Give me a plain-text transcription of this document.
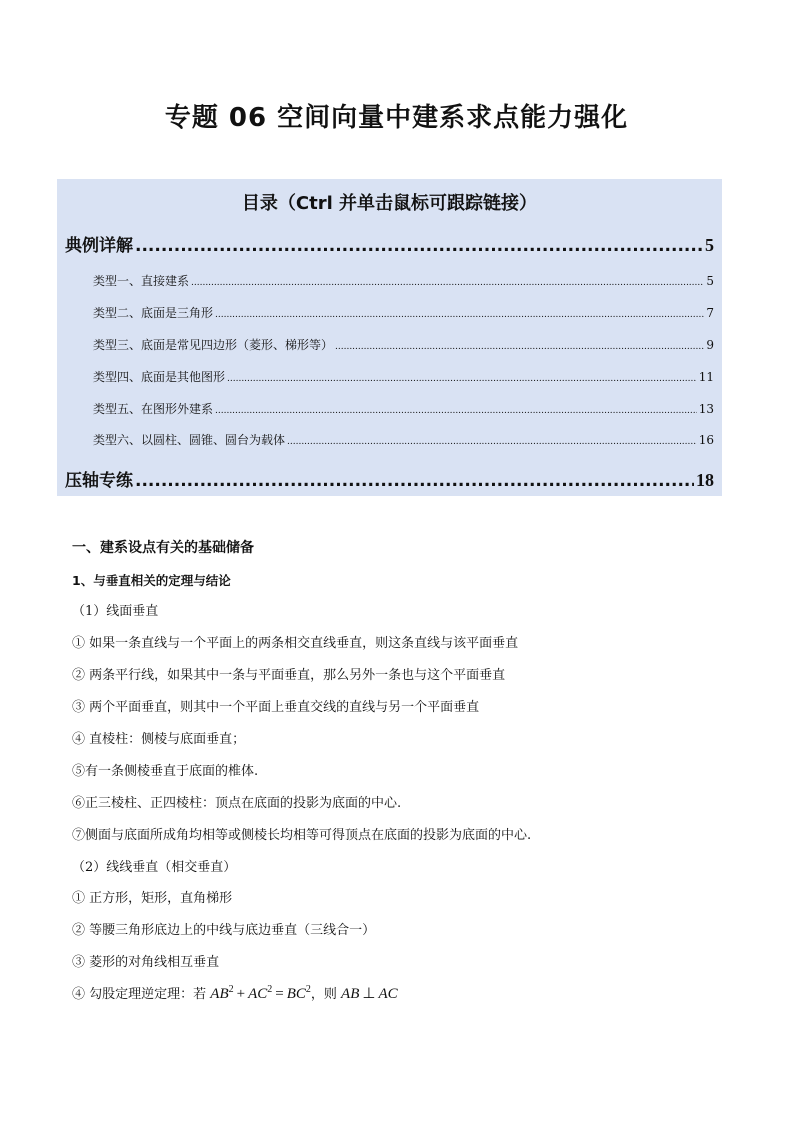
专题 06 空间向量中建系求点能力强化
目录（Ctrl 并单击鼠标可跟踪链接）
典例详解 .....	5
类型一、直接建系 .....	5
类型二、底面是三角形 .....	7
类型三、底面是常见四边形（菱形、梯形等） .....	9
类型四、底面是其他图形 .....	11
类型五、在图形外建系 .....	13
类型六、以圆柱、圆锥、圆台为载体 .....	16
压轴专练 .....	18
一、建系设点有关的基础储备
1、与垂直相关的定理与结论
（1）线面垂直
① 如果一条直线与一个平面上的两条相交直线垂直，则这条直线与该平面垂直
② 两条平行线，如果其中一条与平面垂直，那么另外一条也与这个平面垂直
③ 两个平面垂直，则其中一个平面上垂直交线的直线与另一个平面垂直
④ 直棱柱：侧棱与底面垂直；
⑤有一条侧棱垂直于底面的椎体.
⑥正三棱柱、正四棱柱：顶点在底面的投影为底面的中心.
⑦侧面与底面所成角均相等或侧棱长均相等可得顶点在底面的投影为底面的中心.
（2）线线垂直（相交垂直）
① 正方形，矩形，直角梯形
② 等腰三角形底边上的中线与底边垂直（三线合一）
③ 菱形的对角线相互垂直
④ 勾股定理逆定理：若 $AB^2 + AC^2 = BC^2$，则 AB ⊥ AC
